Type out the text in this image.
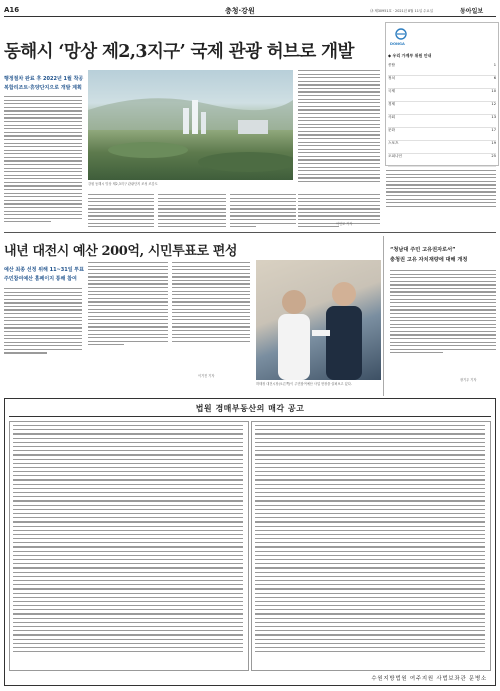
A16	충청·강원	㉯ 제30951호 · 2021년 8월 11일 수요일	동아일보
동해시 ‘망상 제2,3지구’ 국제 관광 허브로 개발	DONGA
◆ 우리 가계부 위원 안내
종합	1
정치	6
국제	10
경제	12
사회	13
문화	17
스포츠	19
오피니언	25
행정절차 완료 후 2022년 1월 착공
복합리조트·휴양단지으로 개발 계획
강원 동해시 망상 제2,3지구 관광단지 조성 조감도
이인모 기자
내년 대전시 예산 200억, 시민투표로 편성
예산 최종 선정 위해 11~31일 투표
주민참여예산 홈페이지 통해 참여
이기진 기자
허태정 대전시장(오른쪽)이 주민참여예산 사업 현장을 살펴보고 있다.
“청남대 주민 고유권자로서”
충청권 고유 자치재량에 대해 개정
장기우 기자
법원 경매부동산의 매각 공고
수원지방법원 여주지원 사법보좌관 문병소
